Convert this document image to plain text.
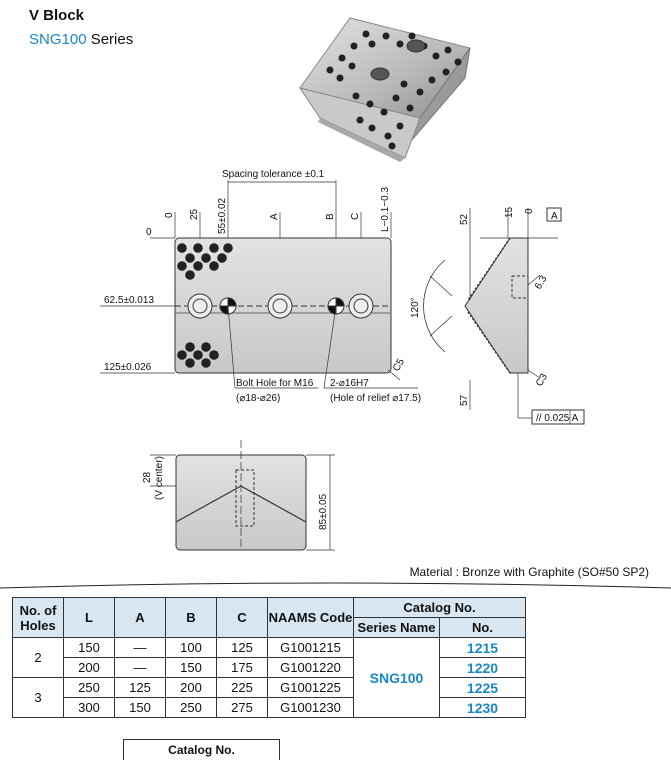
V Block
SNG100 Series
Spacing tolerance ±0.1
0
62.5±0.013
125±0.026
Bolt Hole for M16
(⌀18-⌀26)
2-⌀16H7
(Hole of relief ⌀17.5)
C5
0 25 55±0.02	A	B C L−0.1−0.3	52
15 0 A
120°
6.3
C3
57
// 0.025 A
28 (V center)
85±0.05
Material : Bronze with Graphite (SO#50 SP2)
No. of Holes	L	A	B	C	NAAMS Code	Catalog No.	
						Series Name	No.
2	150	—	100	125	G1001215	SNG100	1215
	200	—	150	175	G1001220		1220
3	250	125	200	225	G1001225		1225
	300	150	250	275	G1001230		1230
Catalog No.
